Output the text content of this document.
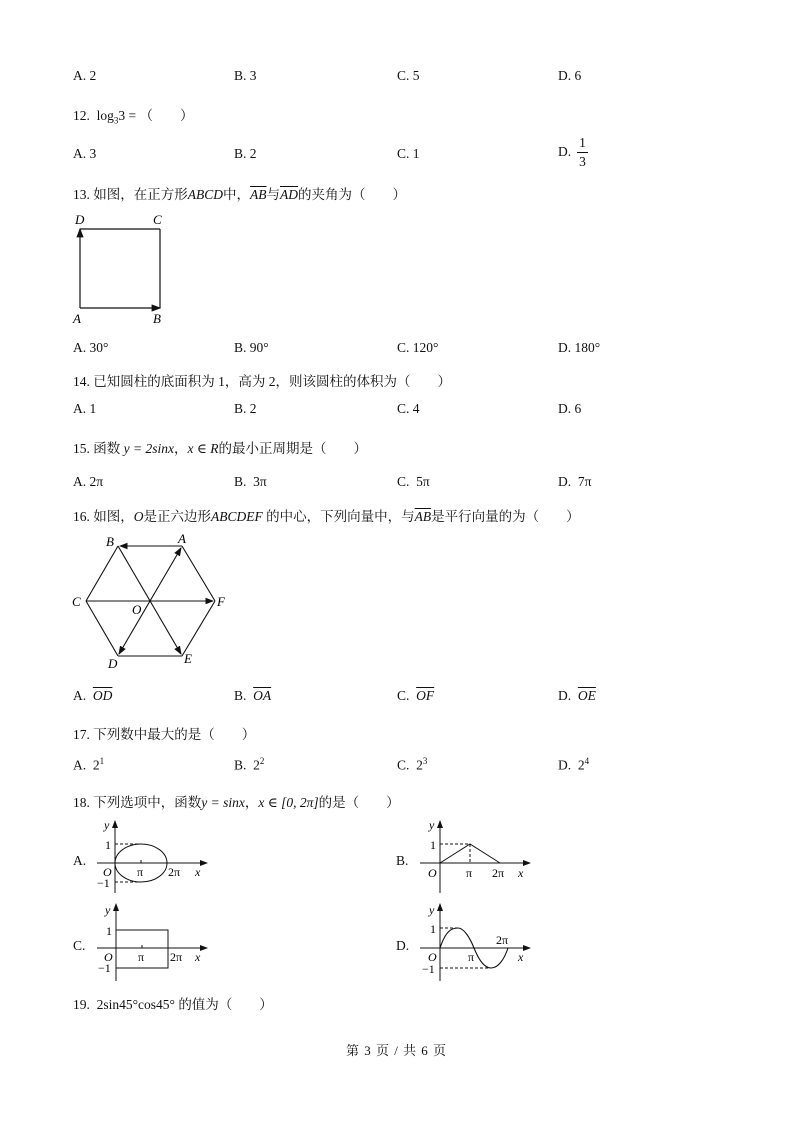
A. 2	B. 3	C. 5	D. 6
12. $\log_33$ = （　　）
A. 3	B. 2	C. 1	D. $\frac{1}{3}$
13. 如图，在正方形ABCD中，$\overline{AB}$与$\overline{AD}$的夹角为（　　）
D	C
A	B
A. 30°	B. 90°	C. 120°	D. 180°
14. 已知圆柱的底面积为 1，高为 2，则该圆柱的体积为（　　）
A. 1	B. 2	C. 4	D. 6
15. 函数 y = 2sinx，x ∈ R的最小正周期是（　　）
A. 2π	B. 3π	C. 5π	D. 7π
16. 如图，O是正六边形ABCDEF 的中心，下列向量中，与$\overline{AB}$是平行向量的为（　　）
B	A
C	F
O
D	E
A. $\overline{OD}$	B. $\overline{OA}$	C. $\overline{OF}$	D. $\overline{OE}$
17. 下列数中最大的是（　　）
A. $2^1$	B. $2^2$	C. $2^3$	D. $2^4$
18. 下列选项中，函数y = sinx，x ∈ [0, 2π]的是（　　）
A.
y
1
O
−1
π 2π x
B.
y
1
O π 2π x
C.
y
1
O
−1
π 2π x
D.
y
1
O
−1
π
2π
x
19. 2sin45°cos45° 的值为（　　）
第 3 页 / 共 6 页
